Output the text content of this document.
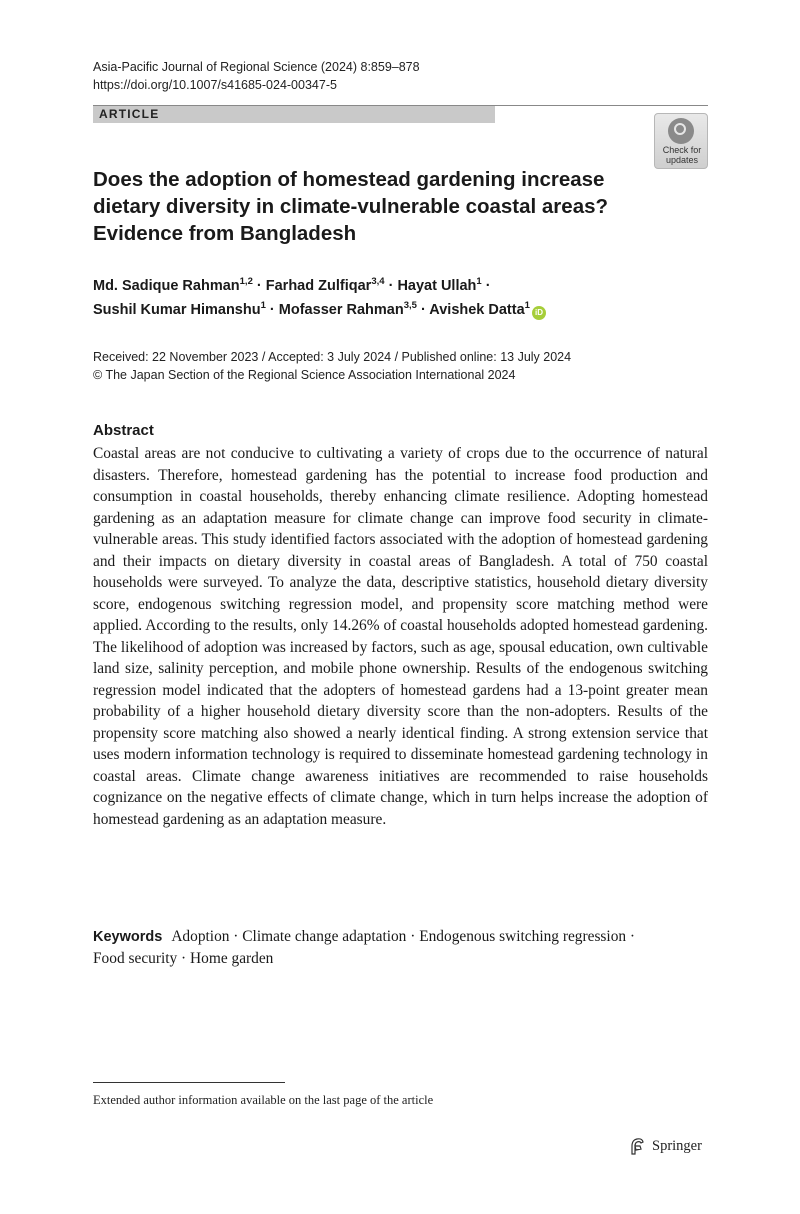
Asia-Pacific Journal of Regional Science (2024) 8:859–878
https://doi.org/10.1007/s41685-024-00347-5
ARTICLE
Check for
updates
Does the adoption of homestead gardening increase dietary diversity in climate-vulnerable coastal areas? Evidence from Bangladesh
Md. Sadique Rahman$^{1,2}$ · Farhad Zulfiqar$^{3,4}$ · Hayat Ullah$^1$ ·
Sushil Kumar Himanshu$^1$ · Mofasser Rahman$^{3,5}$ · Avishek Datta$^1$iD
Received: 22 November 2023 / Accepted: 3 July 2024 / Published online: 13 July 2024
© The Japan Section of the Regional Science Association International 2024
Abstract
Coastal areas are not conducive to cultivating a variety of crops due to the occurrence of natural disasters. Therefore, homestead gardening has the potential to increase food production and consumption in coastal households, thereby enhancing climate resilience. Adopting homestead gardening as an adaptation measure for climate change can improve food security in climate-vulnerable areas. This study identified factors associated with the adoption of homestead gardening and their impacts on dietary diversity in coastal areas of Bangladesh. A total of 750 coastal households were surveyed. To analyze the data, descriptive statistics, household dietary diversity score, endogenous switching regression model, and propensity score matching method were applied. According to the results, only 14.26% of coastal households adopted homestead gardening. The likelihood of adoption was increased by factors, such as age, spousal education, own cultivable land size, salinity perception, and mobile phone ownership. Results of the endogenous switching regression model indicated that the adopters of homestead gardens had a 13-point greater mean probability of a higher household dietary diversity score than the non-adopters. Results of the propensity score matching also showed a nearly identical finding. A strong extension service that uses modern information technology is required to disseminate homestead gardening technology in coastal areas. Climate change awareness initiatives are recommended to raise households cognizance on the negative effects of climate change, which in turn helps increase the adoption of homestead gardening as an adaptation measure.
Keywords Adoption · Climate change adaptation · Endogenous switching regression · Food security · Home garden
Extended author information available on the last page of the article
Springer
